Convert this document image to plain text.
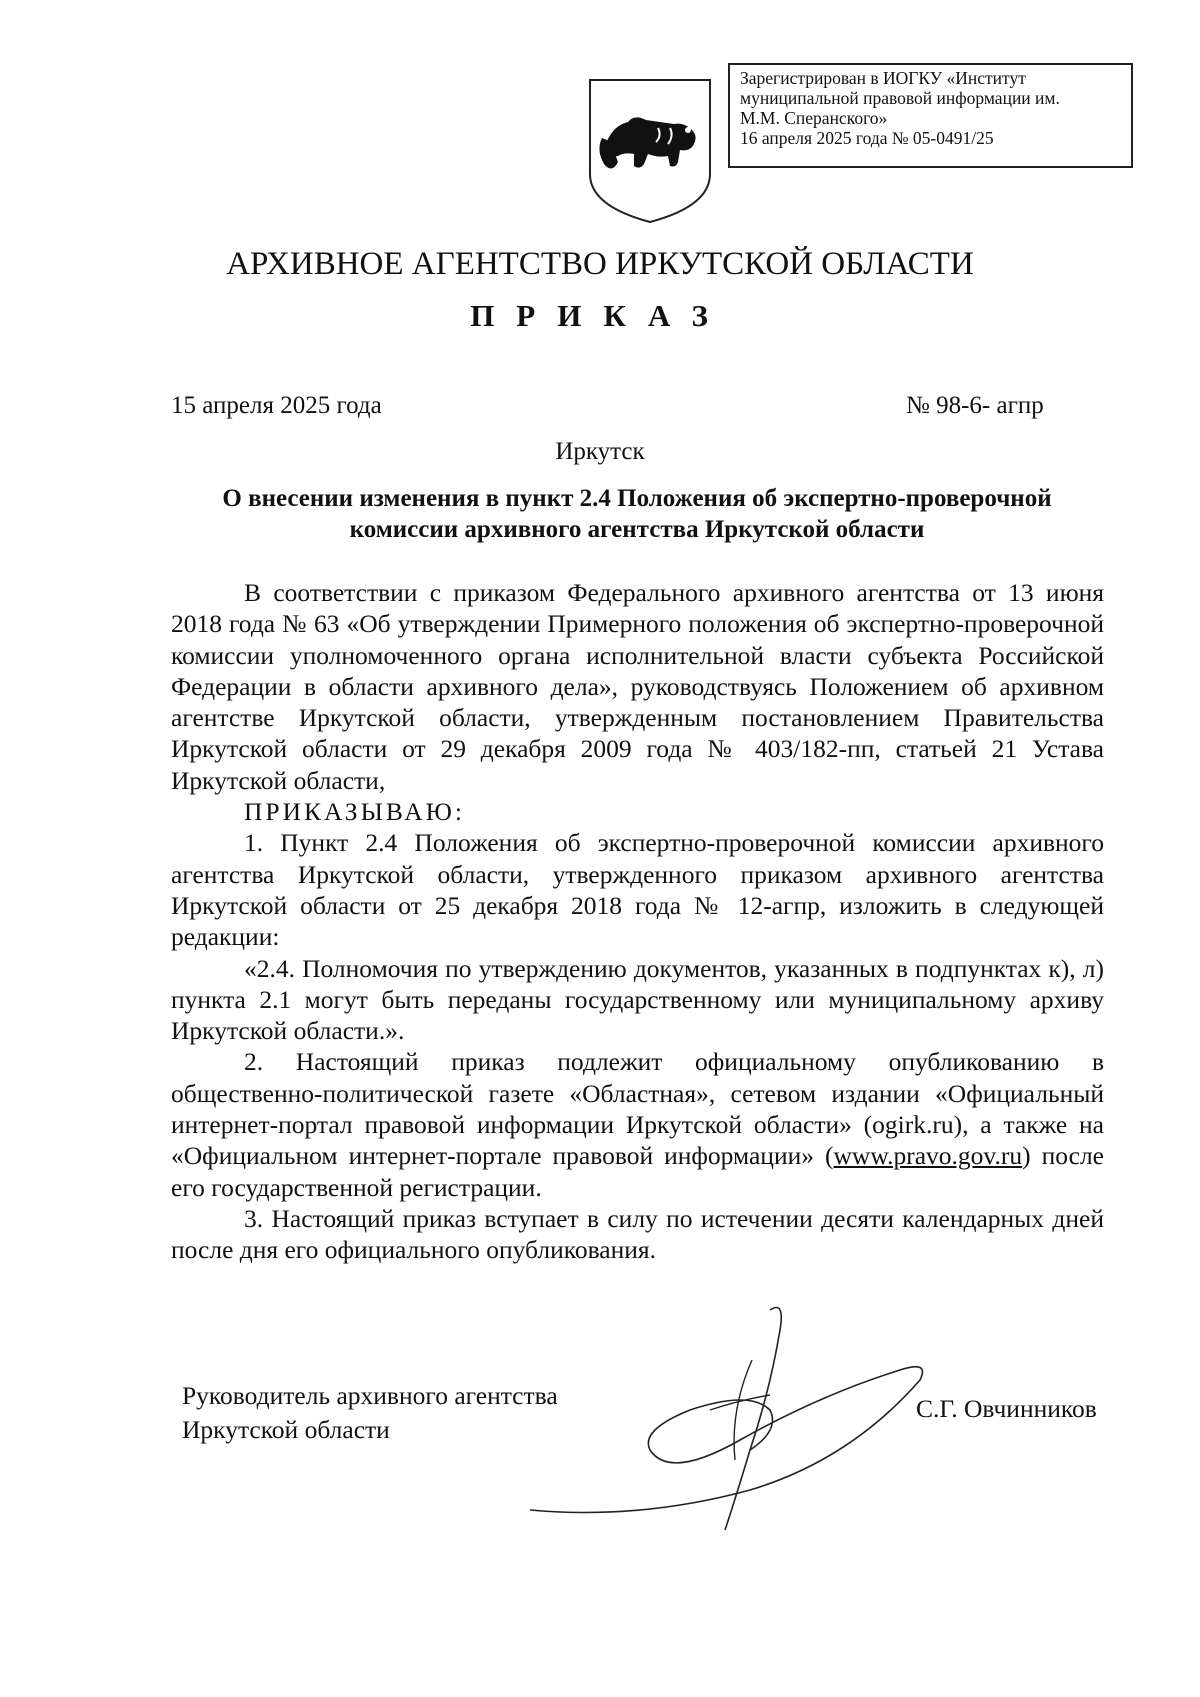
Зарегистрирован в ИОГКУ «Институт
муниципальной правовой информации им.
М.М. Сперанского»
16 апреля 2025 года № 05-0491/25
АРХИВНОЕ АГЕНТСТВО ИРКУТСКОЙ ОБЛАСТИ
ПРИКАЗ
15 апреля 2025 года	№ 98-6- агпр
Иркутск
О внесении изменения в пункт 2.4 Положения об экспертно-проверочной комиссии архивного агентства Иркутской области

В соответствии с приказом Федерального архивного агентства от 13 июня 2018 года № 63 «Об утверждении Примерного положения об экспертно-проверочной комиссии уполномоченного органа исполнительной власти субъекта Российской Федерации в области архивного дела», руководствуясь Положением об архивном агентстве Иркутской области, утвержденным постановлением Правительства Иркутской области от 29 декабря 2009 года № 403/182-пп, статьей 21 Устава Иркутской области,

ПРИКАЗЫВАЮ:

1. Пункт 2.4 Положения об экспертно-проверочной комиссии архивного агентства Иркутской области, утвержденного приказом архивного агентства Иркутской области от 25 декабря 2018 года № 12-агпр, изложить в следующей редакции:

«2.4. Полномочия по утверждению документов, указанных в подпунктах к), л) пункта 2.1 могут быть переданы государственному или муниципальному архиву Иркутской области.».

2. Настоящий приказ подлежит официальному опубликованию в общественно-политической газете «Областная», сетевом издании «Официальный интернет-портал правовой информации Иркутской области» (ogirk.ru), а также на «Официальном интернет-портале правовой информации» (www.pravo.gov.ru) после его государственной регистрации.

3. Настоящий приказ вступает в силу по истечении десяти календарных дней после дня его официального опубликования.

Руководитель архивного агентства
Иркутской области
С.Г. Овчинников
